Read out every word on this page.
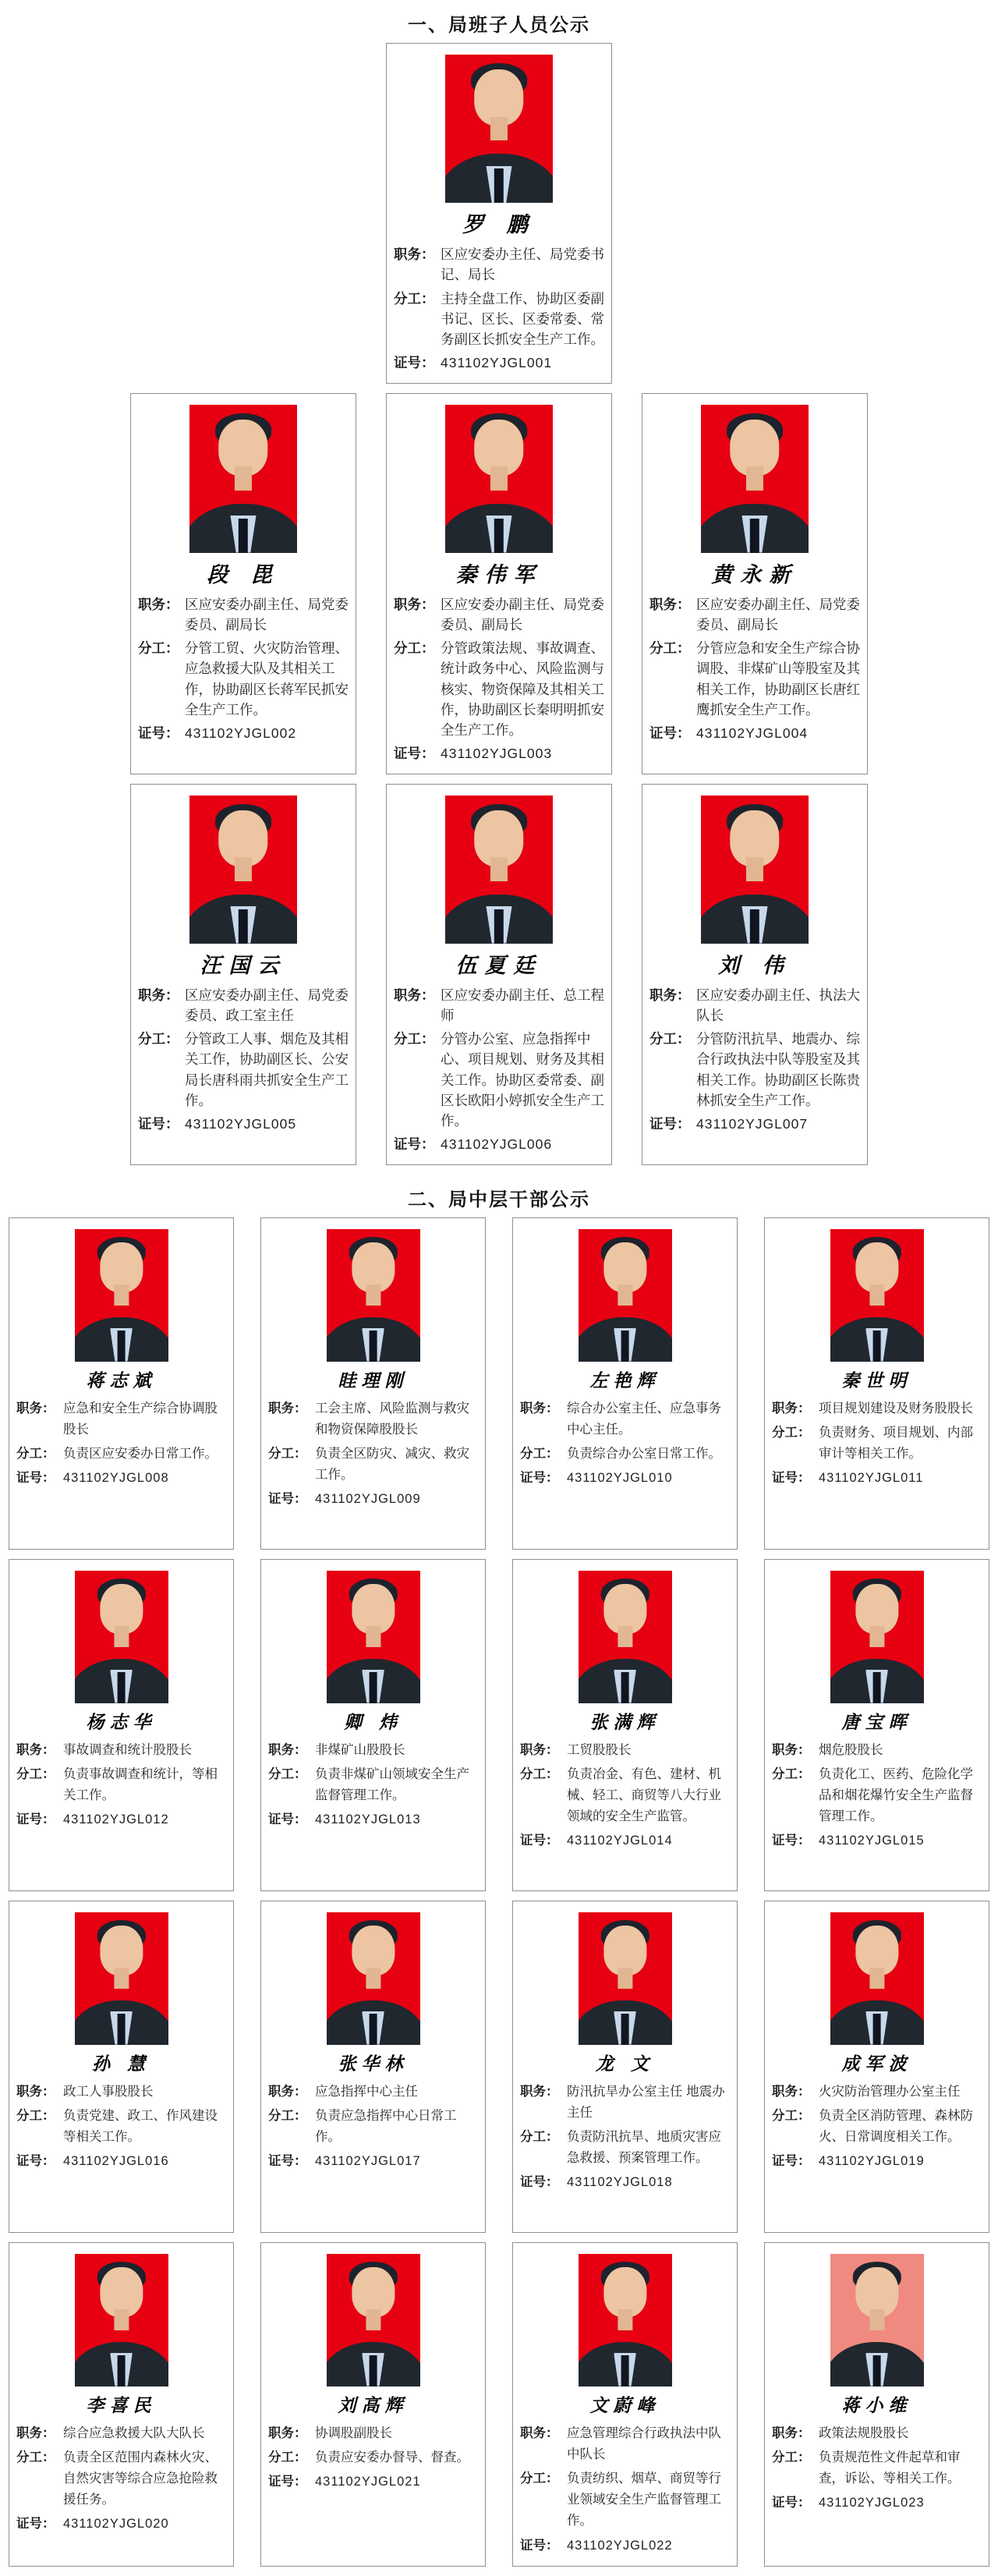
一、局班子人员公示
罗 鹏
职务： 区应安委办主任、局党委书记、局长
分工： 主持全盘工作、协助区委副书记、区长、区委常委、常务副区长抓安全生产工作。
证号： 431102YJGL001
段 毘
职务： 区应安委办副主任、局党委委员、副局长
分工： 分管工贸、火灾防治管理、应急救援大队及其相关工作，协助副区长蒋军民抓安全生产工作。
证号： 431102YJGL002
秦伟军
职务： 区应安委办副主任、局党委委员、副局长
分工： 分管政策法规、事故调查、统计政务中心、风险监测与核实、物资保障及其相关工作，协助副区长秦明明抓安全生产工作。
证号： 431102YJGL003
黄永新
职务： 区应安委办副主任、局党委委员、副局长
分工： 分管应急和安全生产综合协调股、非煤矿山等股室及其相关工作，协助副区长唐红鹰抓安全生产工作。
证号： 431102YJGL004
汪国云
职务： 区应安委办副主任、局党委委员、政工室主任
分工： 分管政工人事、烟危及其相关工作，协助副区长、公安局长唐科雨共抓安全生产工作。
证号： 431102YJGL005
伍夏廷
职务： 区应安委办副主任、总工程师
分工： 分管办公室、应急指挥中心、项目规划、财务及其相关工作。协助区委常委、副区长欧阳小婷抓安全生产工作。
证号： 431102YJGL006
刘 伟
职务： 区应安委办副主任、执法大队长
分工： 分管防汛抗旱、地震办、综合行政执法中队等股室及其相关工作。协助副区长陈贵林抓安全生产工作。
证号： 431102YJGL007
二、局中层干部公示
蒋志斌
职务： 应急和安全生产综合协调股股长
分工： 负责区应安委办日常工作。
证号： 431102YJGL008
眭理刚
职务： 工会主席、风险监测与救灾和物资保障股股长
分工： 负责全区防灾、减灾、救灾工作。
证号： 431102YJGL009
左艳辉
职务： 综合办公室主任、应急事务中心主任。
分工： 负责综合办公室日常工作。
证号： 431102YJGL010
秦世明
职务： 项目规划建设及财务股股长
分工： 负责财务、项目规划、内部审计等相关工作。
证号： 431102YJGL011
杨志华
职务： 事故调查和统计股股长
分工： 负责事故调查和统计，等相关工作。
证号： 431102YJGL012
卿 炜
职务： 非煤矿山股股长
分工： 负责非煤矿山领域安全生产监督管理工作。
证号： 431102YJGL013
张满辉
职务： 工贸股股长
分工： 负责冶金、有色、建材、机械、轻工、商贸等八大行业领域的安全生产监管。
证号： 431102YJGL014
唐宝晖
职务： 烟危股股长
分工： 负责化工、医药、危险化学品和烟花爆竹安全生产监督管理工作。
证号： 431102YJGL015
孙 慧
职务： 政工人事股股长
分工： 负责党建、政工、作风建设等相关工作。
证号： 431102YJGL016
张华林
职务： 应急指挥中心主任
分工： 负责应急指挥中心日常工作。
证号： 431102YJGL017
龙 文
职务： 防汛抗旱办公室主任 地震办主任
分工： 负责防汛抗旱、地质灾害应急救援、预案管理工作。
证号： 431102YJGL018
成军波
职务： 火灾防治管理办公室主任
分工： 负责全区消防管理、森林防火、日常调度相关工作。
证号： 431102YJGL019
李喜民
职务： 综合应急救援大队大队长
分工： 负责全区范围内森林火灾、自然灾害等综合应急抢险救援任务。
证号： 431102YJGL020
刘高辉
职务： 协调股副股长
分工： 负责应安委办督导、督查。
证号： 431102YJGL021
文蔚峰
职务： 应急管理综合行政执法中队中队长
分工： 负责纺织、烟草、商贸等行业领域安全生产监督管理工作。
证号： 431102YJGL022
蒋小维
职务： 政策法规股股长
分工： 负责规范性文件起草和审查，诉讼、等相关工作。
证号： 431102YJGL023
